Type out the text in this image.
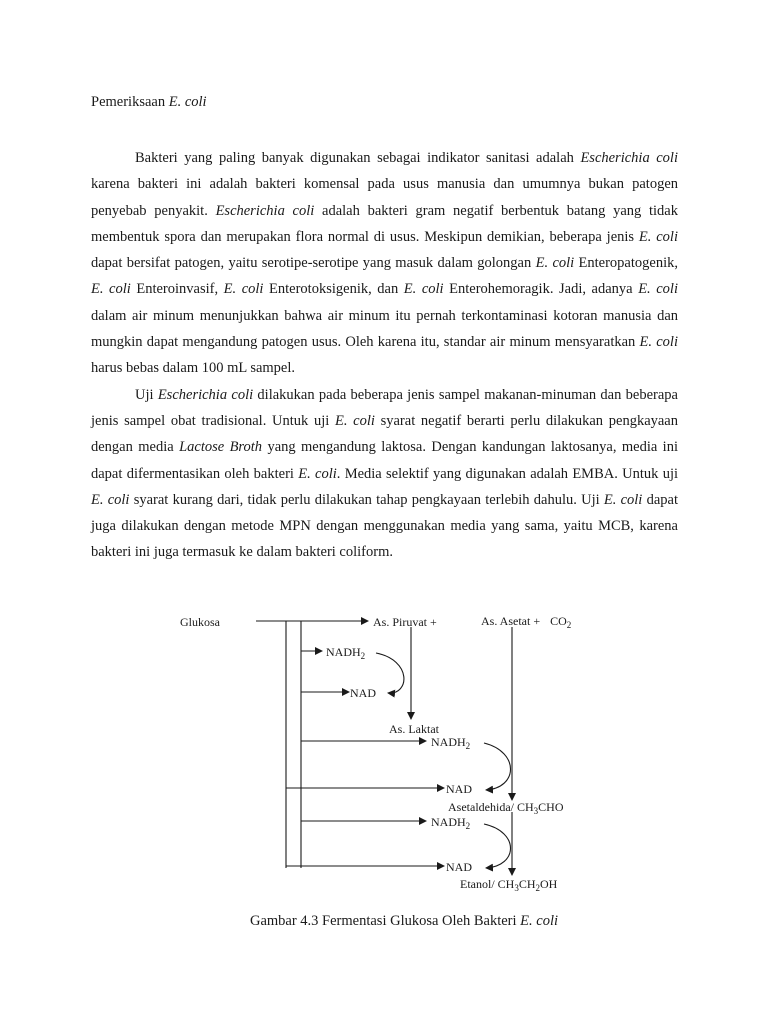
Pemeriksaan E. coli

Bakteri yang paling banyak digunakan sebagai indikator sanitasi adalah Escherichia coli karena bakteri ini adalah bakteri komensal pada usus manusia dan umumnya bukan patogen penyebab penyakit. Escherichia coli adalah bakteri gram negatif berbentuk batang yang tidak membentuk spora dan merupakan flora normal di usus. Meskipun demikian, beberapa jenis E. coli dapat bersifat patogen, yaitu serotipe-serotipe yang masuk dalam golongan E. coli Enteropatogenik, E. coli Enteroinvasif, E. coli Enterotoksigenik, dan E. coli Enterohemoragik. Jadi, adanya E. coli dalam air minum menunjukkan bahwa air minum itu pernah terkontaminasi kotoran manusia dan mungkin dapat mengandung patogen usus. Oleh karena itu, standar air minum mensyaratkan E. coli harus bebas dalam 100 mL sampel.

Uji Escherichia coli dilakukan pada beberapa jenis sampel makanan-minuman dan beberapa jenis sampel obat tradisional. Untuk uji E. coli syarat negatif berarti perlu dilakukan pengkayaan dengan media Lactose Broth yang mengandung laktosa. Dengan kandungan laktosanya, media ini dapat difermentasikan oleh bakteri E. coli. Media selektif yang digunakan adalah EMBA. Untuk uji E. coli syarat kurang dari, tidak perlu dilakukan tahap pengkayaan terlebih dahulu. Uji E. coli dapat juga dilakukan dengan metode MPN dengan menggunakan media yang sama, yaitu MCB, karena bakteri ini juga termasuk ke dalam bakteri coliform.

Glukosa	As. Piruvat +	As. Asetat + $CO_2$
$NADH_2$
NAD
As. Laktat
$NADH_2$
NAD
Asetaldehida/ $CH_3CHO$
$NADH_2$
NAD
Etanol/ $CH_3CH_2OH$
Gambar 4.3 Fermentasi Glukosa Oleh Bakteri E. coli
